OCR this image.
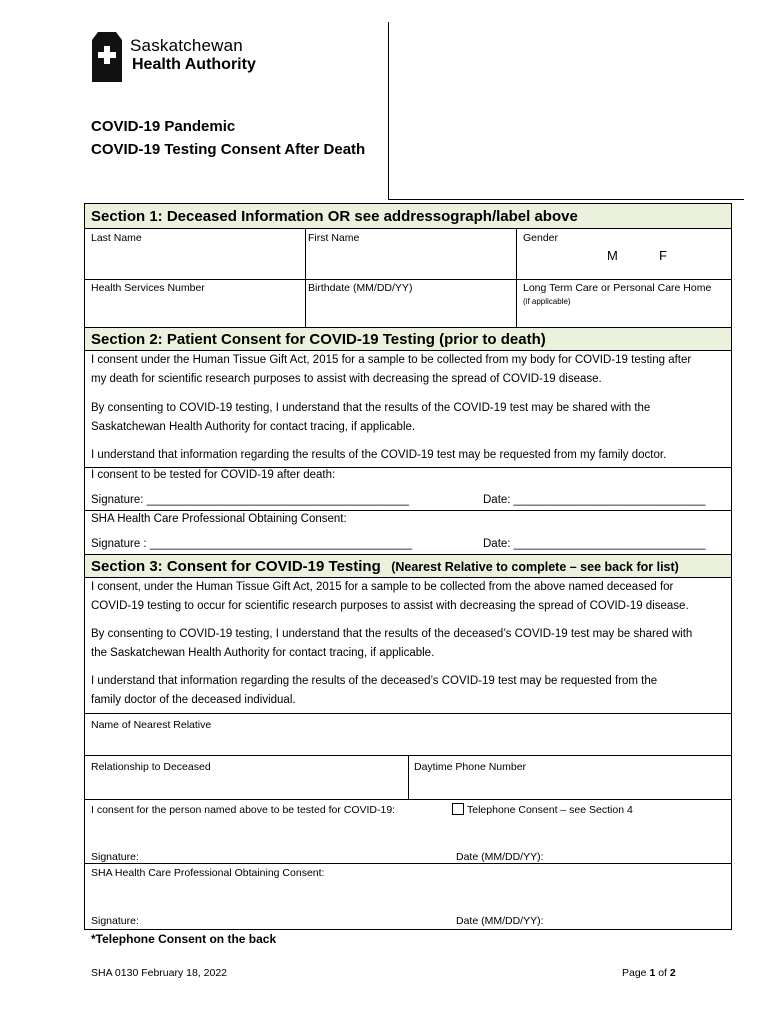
Saskatchewan
Health Authority
COVID-19 Pandemic
COVID-19 Testing Consent After Death
Section 1: Deceased Information OR see addressograph/label above
Last Name	First Name	Gender
M	F
Health Services Number	Birthdate (MM/DD/YY)	Long Term Care or Personal Care Home
(if applicable)
Section 2: Patient Consent for COVID-19 Testing (prior to death)
I consent under the Human Tissue Gift Act, 2015 for a sample to be collected from my body for COVID-19 testing after
my death for scientific research purposes to assist with decreasing the spread of COVID-19 disease.
By consenting to COVID-19 testing, I understand that the results of the COVID-19 test may be shared with the
Saskatchewan Health Authority for contact tracing, if applicable.
I understand that information regarding the results of the COVID-19 test may be requested from my family doctor.
I consent to be tested for COVID-19 after death:
Signature: _________________________________________	Date: ______________________________
SHA Health Care Professional Obtaining Consent:
Signature : _________________________________________	Date: ______________________________
Section 3: Consent for COVID-19 Testing (Nearest Relative to complete – see back for list)
I consent, under the Human Tissue Gift Act, 2015 for a sample to be collected from the above named deceased for
COVID-19 testing to occur for scientific research purposes to assist with decreasing the spread of COVID-19 disease.
By consenting to COVID-19 testing, I understand that the results of the deceased’s COVID-19 test may be shared with
the Saskatchewan Health Authority for contact tracing, if applicable.
I understand that information regarding the results of the deceased’s COVID-19 test may be requested from the
family doctor of the deceased individual.
Name of Nearest Relative
Relationship to Deceased	Daytime Phone Number
I consent for the person named above to be tested for COVID-19:	Telephone Consent – see Section 4
Signature:	Date (MM/DD/YY):
SHA Health Care Professional Obtaining Consent:
Signature:	Date (MM/DD/YY):
*Telephone Consent on the back
SHA 0130 February 18, 2022	Page 1 of 2
